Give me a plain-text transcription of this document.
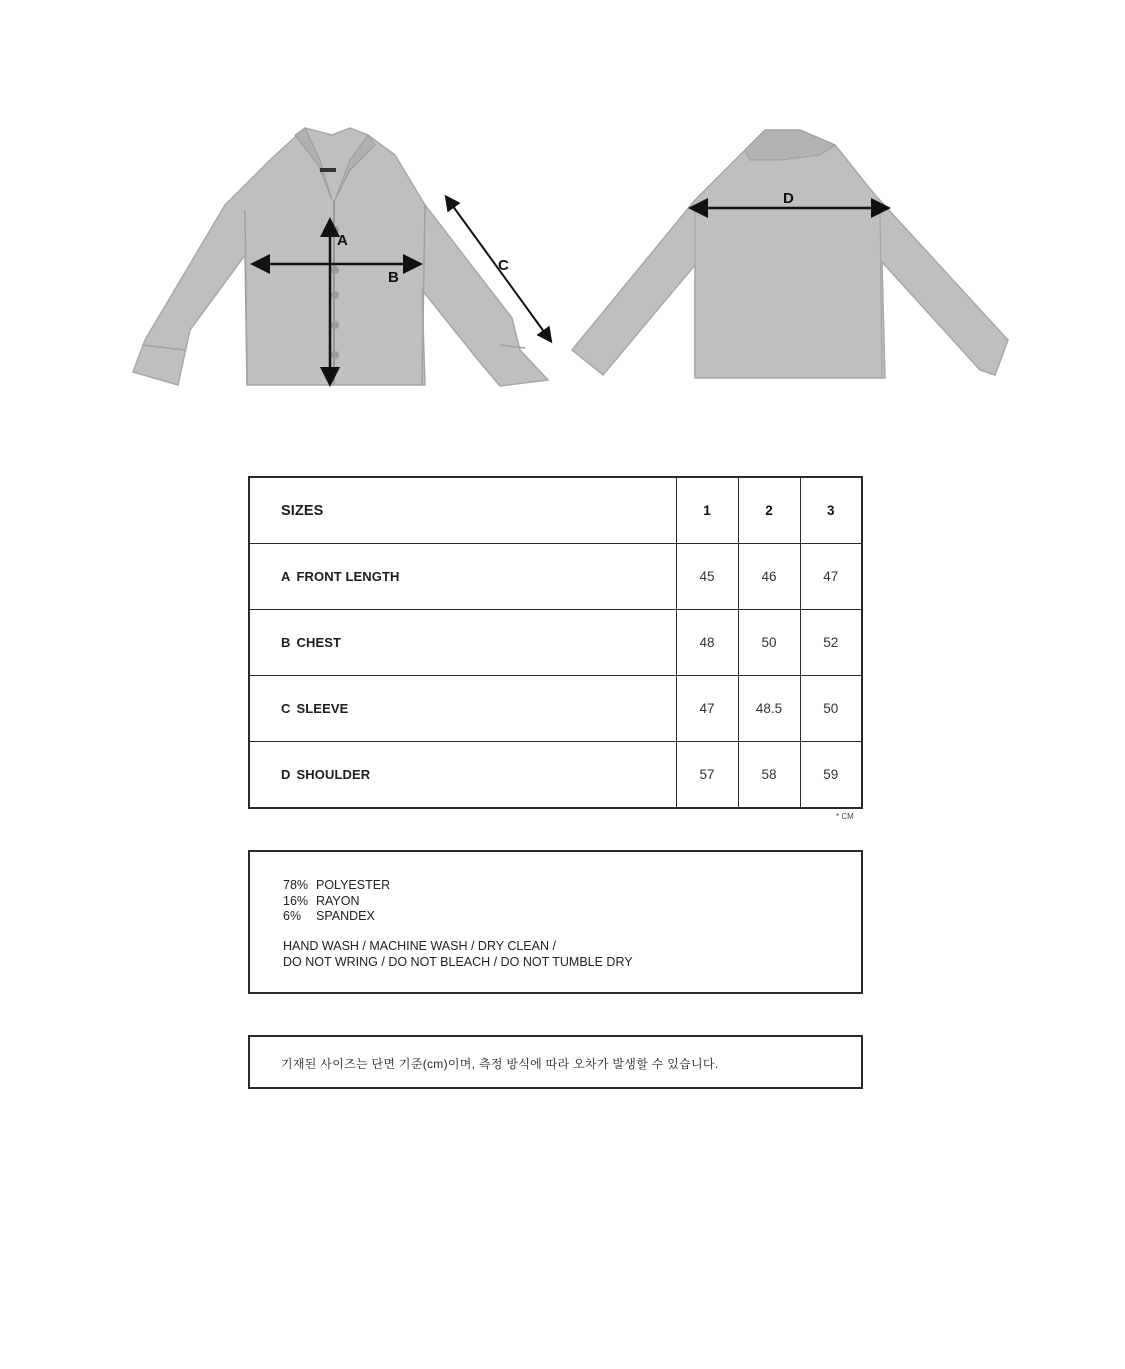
A
B
C
D
SIZES	1	2	3
A FRONT LENGTH	45	46	47
B CHEST	48	50	52
C SLEEVE	47	48.5	50
D SHOULDER	57	58	59
* CM
78% POLYESTER
16% RAYON
6% SPANDEX
HAND WASH / MACHINE WASH / DRY CLEAN /
DO NOT WRING / DO NOT BLEACH / DO NOT TUMBLE DRY
기재된 사이즈는 단면 기준(cm)이며, 측정 방식에 따라 오차가 발생할 수 있습니다.
